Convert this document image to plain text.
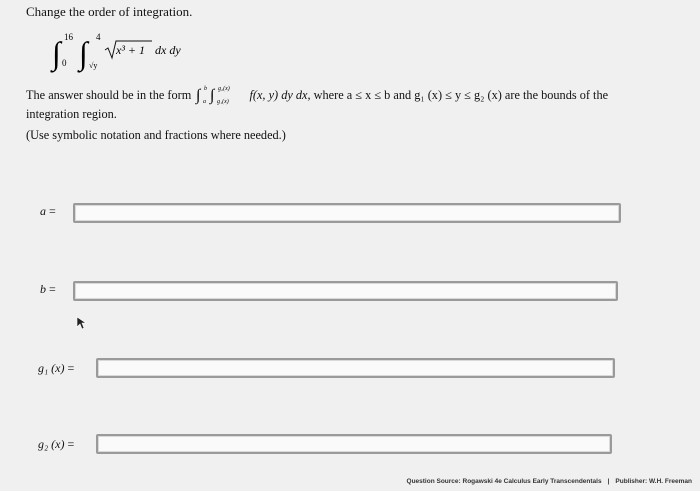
Change the order of integration.
∫ 16
0 ∫ 4
√y
x³ + 1 dx dy
The answer should be in the form ∫ b
a ∫ g₂(x)
g₁(x) f(x, y) dy dx, where a ≤ x ≤ b and g₁ (x) ≤ y ≤ g₂ (x) are the bounds of the
integration region.
(Use symbolic notation and fractions where needed.)
a =
b =
g₁ (x) =
g₂ (x) =
Question Source: Rogawski 4e Calculus Early Transcendentals | Publisher: W.H. Freeman
